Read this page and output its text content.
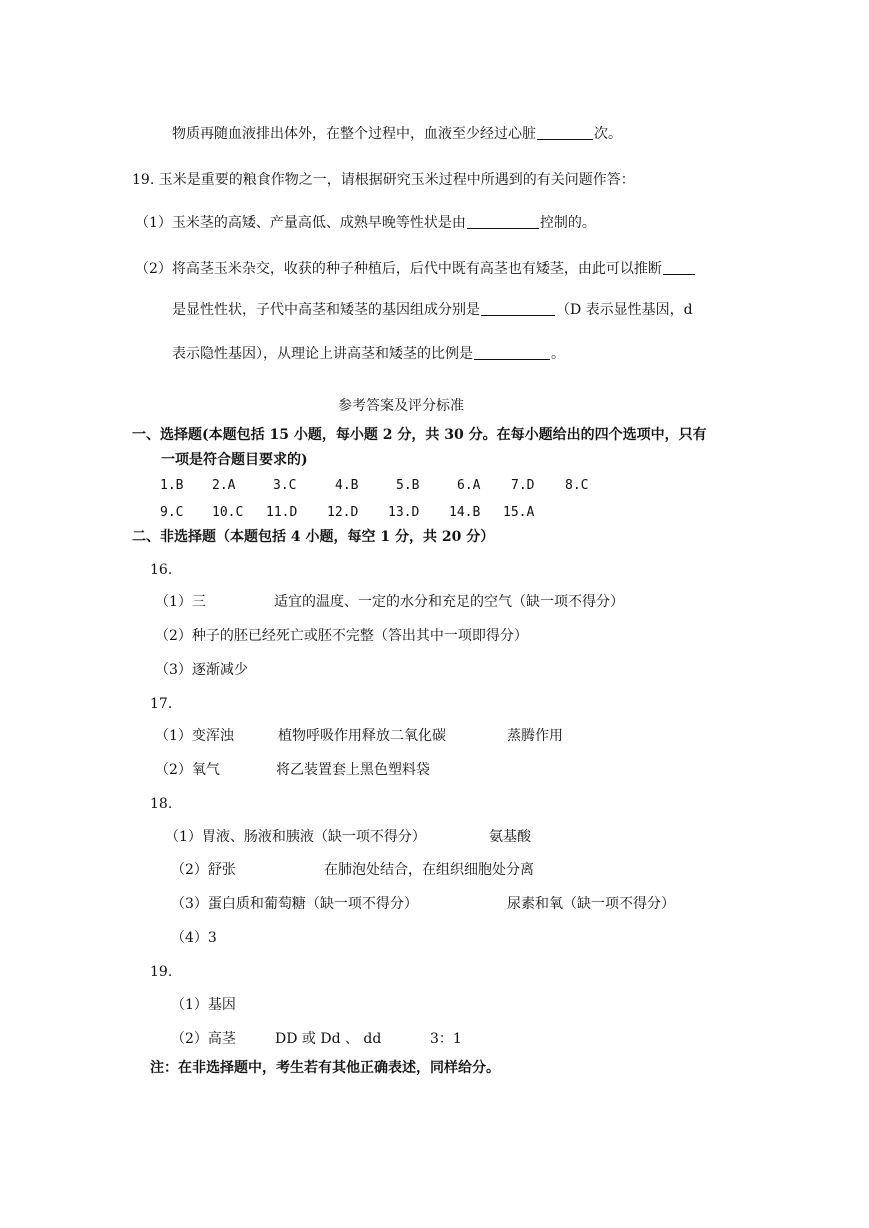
物质再随血液排出体外，在整个过程中，血液至少经过心脏	次。
19. 玉米是重要的粮食作物之一，请根据研究玉米过程中所遇到的有关问题作答：
（1）玉米茎的高矮、产量高低、成熟早晚等性状是由	控制的。
（2）将高茎玉米杂交，收获的种子种植后，后代中既有高茎也有矮茎，由此可以推断
是显性性状，子代中高茎和矮茎的基因组成分别是	（D 表示显性基因，d
表示隐性基因），从理论上讲高茎和矮茎的比例是	。
参考答案及评分标准
一、选择题(本题包括 15 小题，每小题 2 分，共 30 分。在每小题给出的四个选项中，只有
一项是符合题目要求的)
1.B 2.A	3.C	4.B	5.B	6.A 7.D 8.C
9.C 10.C 11.D 12.D 13.D 14.B 15.A
二、非选择题（本题包括 4 小题，每空 1 分，共 20 分）
16.
（1）三	适宜的温度、一定的水分和充足的空气（缺一项不得分）
（2）种子的胚已经死亡或胚不完整（答出其中一项即得分）
（3）逐渐减少
17.
（1）变浑浊	植物呼吸作用释放二氧化碳	蒸腾作用
（2）氧气	将乙装置套上黑色塑料袋
18.
（1）胃液、肠液和胰液（缺一项不得分）	氨基酸
（2）舒张	在肺泡处结合，在组织细胞处分离
（3）蛋白质和葡萄糖（缺一项不得分）	尿素和氧（缺一项不得分）
（4）3
19.
（1）基因
（2）高茎	DD 或 Dd 、 dd	3：1
注：在非选择题中，考生若有其他正确表述，同样给分。
